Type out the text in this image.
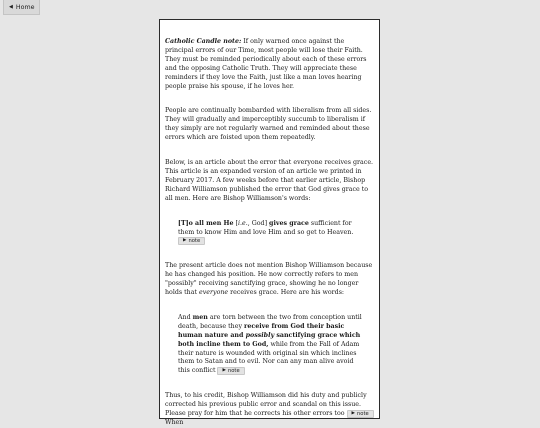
◀ Home

Catholic Candle note: If only warned once against the principal errors of our Time, most people will lose their Faith. They must be reminded periodically about each of these errors and the opposing Catholic Truth. They will appreciate these reminders if they love the Faith, just like a man loves hearing people praise his spouse, if he loves her.

People are continually bombarded with liberalism from all sides. They will gradually and imperceptibly succumb to liberalism if they simply are not regularly warned and reminded about these errors which are foisted upon them repeatedly.

Below, is an article about the error that everyone receives grace. This article is an expanded version of an article we printed in February 2017. A few weeks before that earlier article, Bishop Richard Williamson published the error that God gives grace to all men. Here are Bishop Williamson's words:

[T]o all men He [i.e., God] gives grace sufficient for them to know Him and love Him and so get to Heaven.
▶ note

The present article does not mention Bishop Williamson because he has changed his position. He now correctly refers to men "possibly" receiving sanctifying grace, showing he no longer holds that everyone receives grace. Here are his words:

And men are torn between the two from conception until death, because they receive from God their basic human nature and possibly sanctifying grace which both incline them to God, while from the Fall of Adam their nature is wounded with original sin which inclines them to Satan and to evil. Nor can any man alive avoid this conflict ▶ note

Thus, to his credit, Bishop Williamson did his duty and publicly corrected his previous public error and scandal on this issue. Please pray for him that he corrects his other errors too ▶ note
When
